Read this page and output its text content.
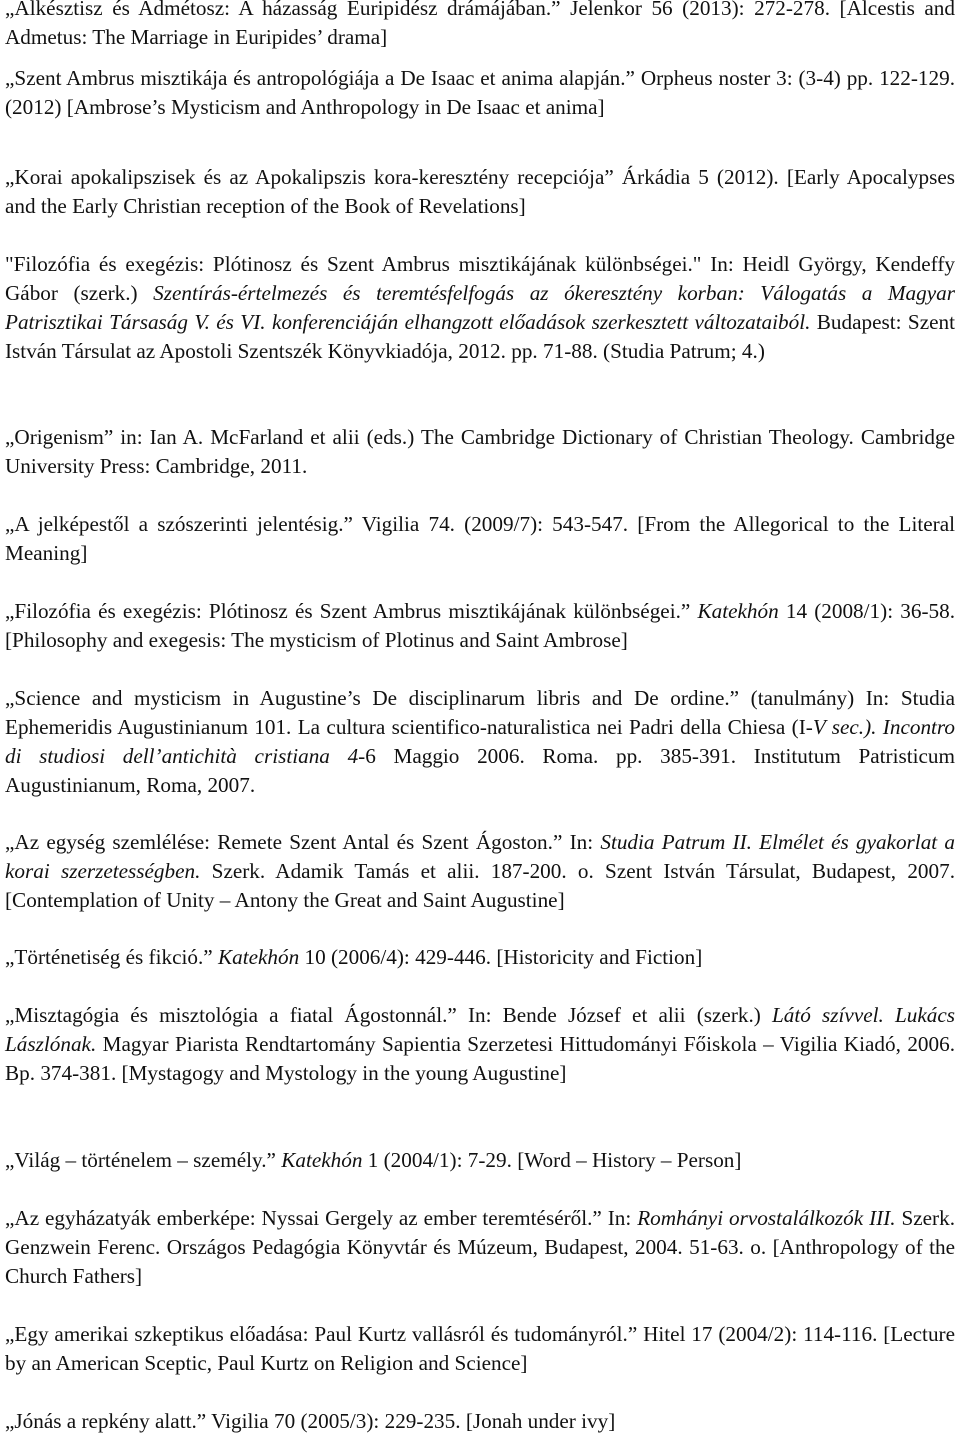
„Alkésztisz és Admétosz: A házasság Euripidész drámájában.” Jelenkor 56 (2013): 272-278. [Alcestis and Admetus: The Marriage in Euripides’ drama]
„Szent Ambrus misztikája és antropológiája a De Isaac et anima alapján.” Orpheus noster 3: (3-4) pp. 122-129. (2012) [Ambrose’s Mysticism and Anthropology in De Isaac et anima]
„Korai apokalipszisek és az Apokalipszis kora-keresztény recepciója” Árkádia 5 (2012). [Early Apocalypses and the Early Christian reception of the Book of Revelations]
"Filozófia és exegézis: Plótinosz és Szent Ambrus misztikájának különbségei." In: Heidl György, Kendeffy Gábor (szerk.) Szentírás-értelmezés és teremtésfelfogás az ókeresztény korban: Válogatás a Magyar Patrisztikai Társaság V. és VI. konferenciáján elhangzott előadások szerkesztett változataiból. Budapest: Szent István Társulat az Apostoli Szentszék Könyvkiadója, 2012. pp. 71-88. (Studia Patrum; 4.)
„Origenism” in: Ian A. McFarland et alii (eds.) The Cambridge Dictionary of Christian Theology. Cambridge University Press: Cambridge, 2011.
„A jelképestől a szószerinti jelentésig.” Vigilia 74. (2009/7): 543-547. [From the Allegorical to the Literal Meaning]
„Filozófia és exegézis: Plótinosz és Szent Ambrus misztikájának különbségei.” Katekhón 14 (2008/1): 36-58. [Philosophy and exegesis: The mysticism of Plotinus and Saint Ambrose]
„Science and mysticism in Augustine’s De disciplinarum libris and De ordine.” (tanulmány) In: Studia Ephemeridis Augustinianum 101. La cultura scientifico-naturalistica nei Padri della Chiesa (I-V sec.). Incontro di studiosi dell’antichità cristiana 4-6 Maggio 2006. Roma. pp. 385-391. Institutum Patristicum Augustinianum, Roma, 2007.
„Az egység szemlélése: Remete Szent Antal és Szent Ágoston.” In: Studia Patrum II. Elmélet és gyakorlat a korai szerzetességben. Szerk. Adamik Tamás et alii. 187-200. o. Szent István Társulat, Budapest, 2007. [Contemplation of Unity – Antony the Great and Saint Augustine]
„Történetiség és fikció.” Katekhón 10 (2006/4): 429-446. [Historicity and Fiction]
„Misztagógia és misztológia a fiatal Ágostonnál.” In: Bende József et alii (szerk.) Látó szívvel. Lukács Lászlónak. Magyar Piarista Rendtartomány Sapientia Szerzetesi Hittudományi Főiskola – Vigilia Kiadó, 2006. Bp. 374-381. [Mystagogy and Mystology in the young Augustine]
„Világ – történelem – személy.” Katekhón 1 (2004/1): 7-29. [Word – History – Person]
„Az egyházatyák emberképe: Nyssai Gergely az ember teremtéséről.” In: Romhányi orvostalálkozók III. Szerk. Genzwein Ferenc. Országos Pedagógia Könyvtár és Múzeum, Budapest, 2004. 51-63. o. [Anthropology of the Church Fathers]
„Egy amerikai szkeptikus előadása: Paul Kurtz vallásról és tudományról.” Hitel 17 (2004/2): 114-116. [Lecture by an American Sceptic, Paul Kurtz on Religion and Science]
„Jónás a repkény alatt.” Vigilia 70 (2005/3): 229-235. [Jonah under ivy]
